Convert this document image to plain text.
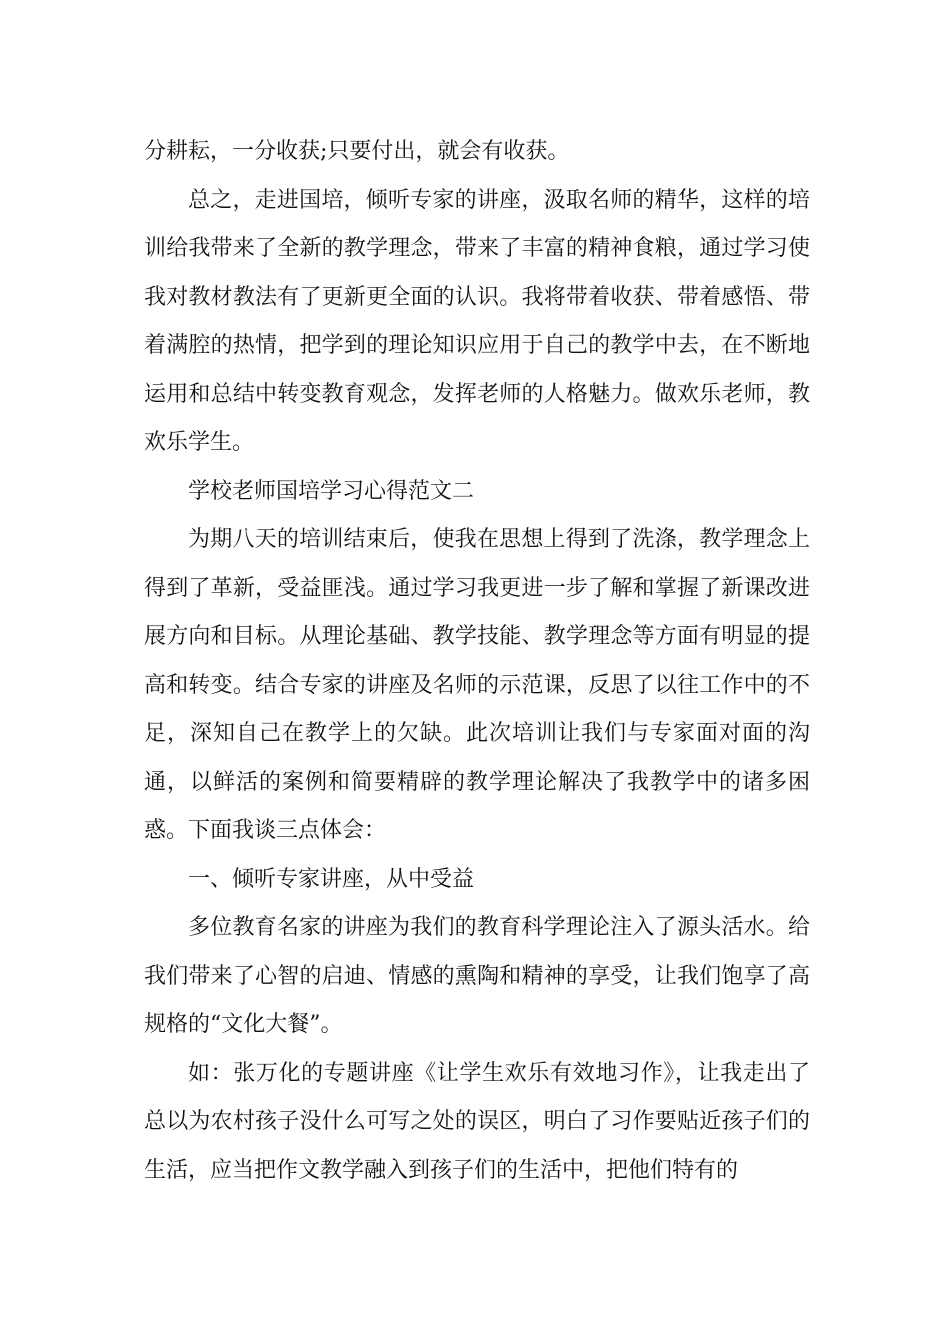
分耕耘，一分收获;只要付出，就会有收获。

总之，走进国培，倾听专家的讲座，汲取名师的精华，这样的培训给我带来了全新的教学理念，带来了丰富的精神食粮，通过学习使我对教材教法有了更新更全面的认识。我将带着收获、带着感悟、带着满腔的热情，把学到的理论知识应用于自己的教学中去，在不断地运用和总结中转变教育观念，发挥老师的人格魅力。做欢乐老师，教欢乐学生。

学校老师国培学习心得范文二

为期八天的培训结束后，使我在思想上得到了洗涤，教学理念上得到了革新，受益匪浅。通过学习我更进一步了解和掌握了新课改进展方向和目标。从理论基础、教学技能、教学理念等方面有明显的提高和转变。结合专家的讲座及名师的示范课，反思了以往工作中的不足，深知自己在教学上的欠缺。此次培训让我们与专家面对面的沟通，以鲜活的案例和简要精辟的教学理论解决了我教学中的诸多困惑。下面我谈三点体会：

一、倾听专家讲座，从中受益

多位教育名家的讲座为我们的教育科学理论注入了源头活水。给我们带来了心智的启迪、情感的熏陶和精神的享受，让我们饱享了高规格的“文化大餐”。

如：张万化的专题讲座《让学生欢乐有效地习作》，让我走出了总以为农村孩子没什么可写之处的误区，明白了习作要贴近孩子们的生活，应当把作文教学融入到孩子们的生活中，把他们特有的
